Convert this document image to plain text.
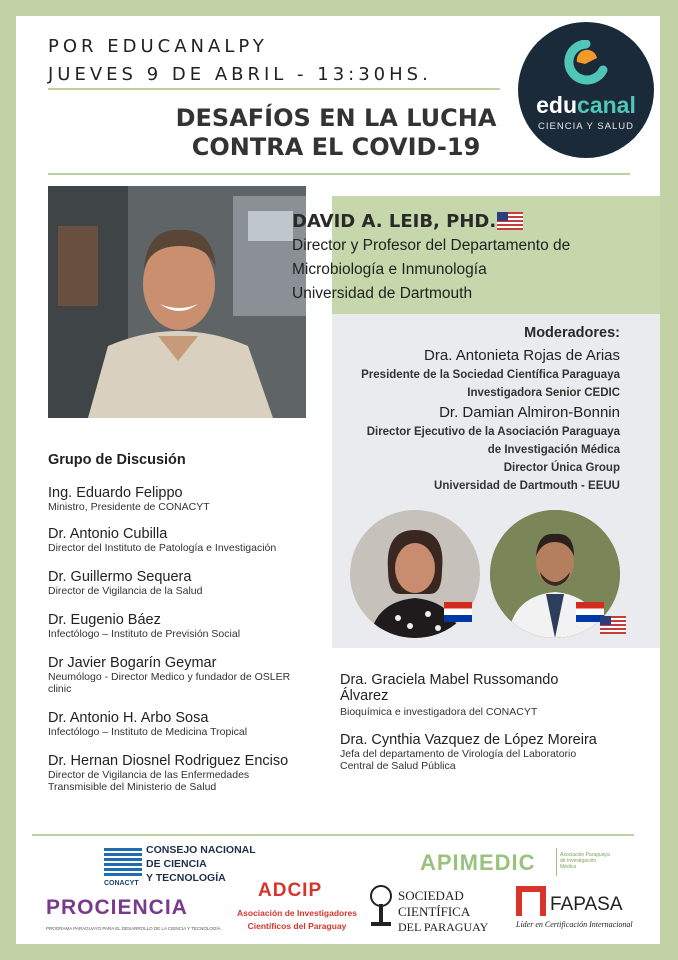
POR EDUCANALPY
JUEVES 9 DE ABRIL - 13:30HS.
DESAFÍOS EN LA LUCHA
CONTRA EL COVID-19
educanal
CIENCIA Y SALUD
DAVID A. LEIB, PHD.
Director y Profesor del Departamento de
Microbiología e Inmunología
Universidad de Dartmouth
Moderadores:
Dra. Antonieta Rojas de Arias
Presidente de la Sociedad Científica Paraguaya
Investigadora Senior CEDIC
Dr. Damian Almiron-Bonnin
Director Ejecutivo de la Asociación Paraguaya
de Investigación Médica
Director Única Group
Universidad de Dartmouth - EEUU
Grupo de Discusión
Ing. Eduardo Felippo
Ministro, Presidente de CONACYT
Dr. Antonio Cubilla
Director del Instituto de Patología e Investigación
Dr. Guillermo Sequera
Director de Vigilancia de la Salud
Dr. Eugenio Báez
Infectólogo – Instituto de Previsión Social
Dr Javier Bogarín Geymar
Neumólogo - Director Medico y fundador de OSLER
clinic
Dr. Antonio H. Arbo Sosa
Infectólogo – Instituto de Medicina Tropical
Dr. Hernan Diosnel Rodriguez Enciso
Director de Vigilancia de las Enfermedades
Transmisible del Ministerio de Salud
Dra. Graciela Mabel Russomando
Álvarez
Bioquímica e investigadora del CONACYT
Dra. Cynthia Vazquez de López Moreira
Jefa del departamento de Virología del Laboratorio
Central de Salud Pública
CONACYT
CONSEJO NACIONAL
DE CIENCIA
Y TECNOLOGÍA
APIMEDIC	Asociación Paraguaya de Investigación Médica
PROCIENCIA
PROGRAMA PARAGUAYO PARA EL DESARROLLO DE LA CIENCIA Y TECNOLOGÍA
ADCIP
Asociación de Investigadores
Científicos del Paraguay
SOCIEDAD
CIENTÍFICA
DEL PARAGUAY
FAPASA
Líder en Certificación Internacional
